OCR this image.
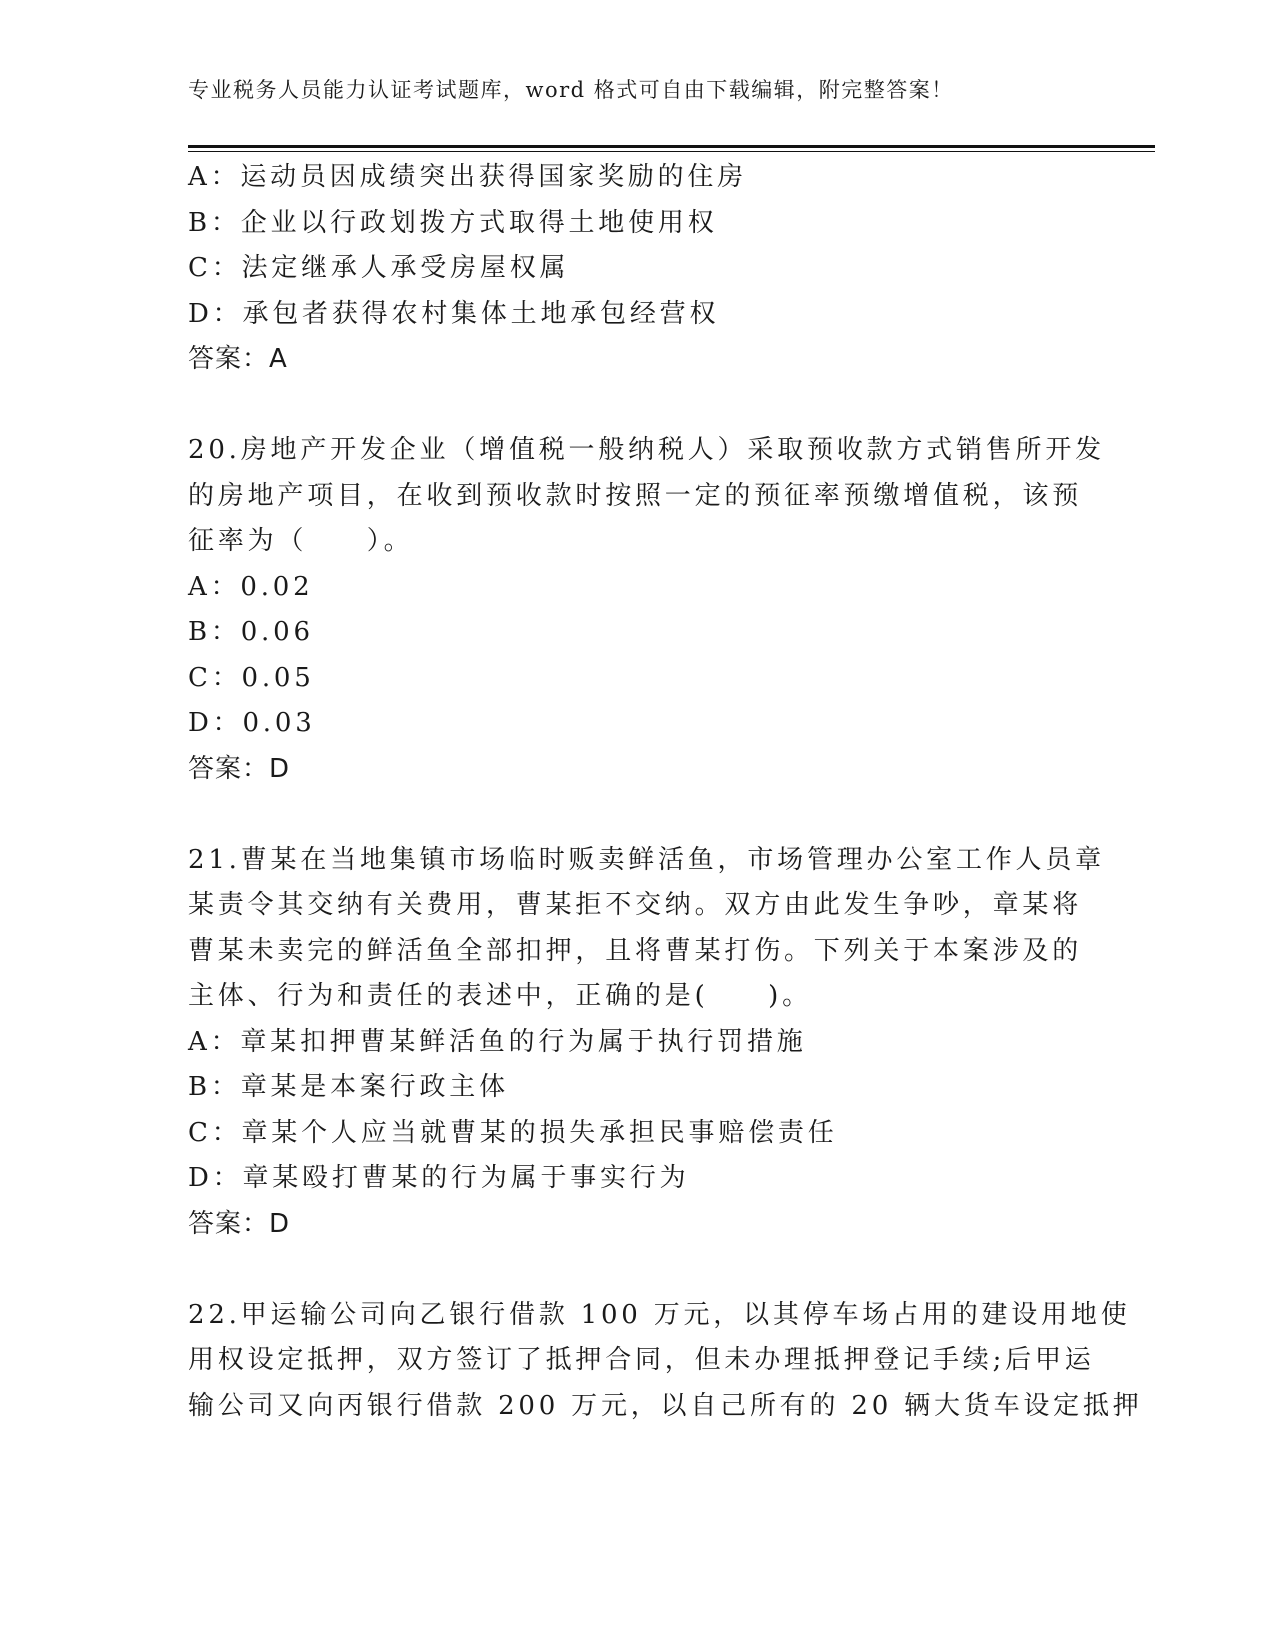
专业税务人员能力认证考试题库，word 格式可自由下载编辑，附完整答案！
A：运动员因成绩突出获得国家奖励的住房
B：企业以行政划拨方式取得土地使用权
C：法定继承人承受房屋权属
D：承包者获得农村集体土地承包经营权
答案：A
20.房地产开发企业（增值税一般纳税人）采取预收款方式销售所开发
的房地产项目，在收到预收款时按照一定的预征率预缴增值税，该预
征率为（　　）。
A：0.02
B：0.06
C：0.05
D：0.03
答案：D
21.曹某在当地集镇市场临时贩卖鲜活鱼，市场管理办公室工作人员章
某责令其交纳有关费用，曹某拒不交纳。双方由此发生争吵，章某将
曹某未卖完的鲜活鱼全部扣押，且将曹某打伤。下列关于本案涉及的
主体、行为和责任的表述中，正确的是(　　)。
A：章某扣押曹某鲜活鱼的行为属于执行罚措施
B：章某是本案行政主体
C：章某个人应当就曹某的损失承担民事赔偿责任
D：章某殴打曹某的行为属于事实行为
答案：D
22.甲运输公司向乙银行借款 100 万元，以其停车场占用的建设用地使
用权设定抵押，双方签订了抵押合同，但未办理抵押登记手续;后甲运
输公司又向丙银行借款 200 万元，以自己所有的 20 辆大货车设定抵押
